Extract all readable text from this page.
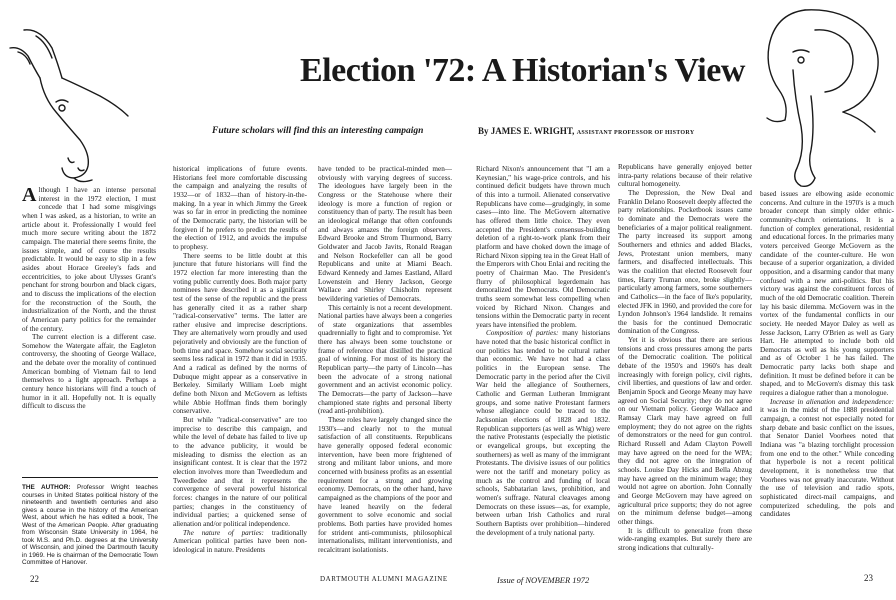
Election '72: A Historian's View
Future scholars will find this an interesting campaign	By JAMES E. WRIGHT, ASSISTANT PROFESSOR OF HISTORY

Although I have an intense personal interest in the 1972 election, I must concede that I had some misgivings when I was asked, as a historian, to write an article about it. Professionally I would feel much more secure writing about the 1872 campaign. The material there seems finite, the issues simple, and of course the results predictable. It would be easy to slip in a few asides about Horace Greeley's fads and eccentricities, to joke about Ulysses Grant's penchant for strong bourbon and black cigars, and to discuss the implications of the election for the reconstruction of the South, the industrialization of the North, and the thrust of American party politics for the remainder of the century.

The current election is a different case. Somehow the Watergate affair, the Eagleton controversy, the shooting of George Wallace, and the debate over the morality of continued American bombing of Vietnam fail to lend themselves to a light approach. Perhaps a century hence historians will find a touch of humor in it all. Hopefully not. It is equally difficult to discuss the

THE AUTHOR: Professor Wright teaches courses in United States political history of the nineteenth and twentieth centuries and also gives a course in the history of the American West, about which he has edited a book, The West of the American People. After graduating from Wisconsin State University in 1964, he took M.S. and Ph.D. degrees at the University of Wisconsin, and joined the Dartmouth faculty in 1969. He is chairman of the Democratic Town Committee of Hanover.

historical implications of future events. Historians feel more comfortable discussing the campaign and analyzing the results of 1932—or of 1832—than of history-in-the-making. In a year in which Jimmy the Greek was so far in error in predicting the nominee of the Democratic party, the historian will be forgiven if he prefers to predict the results of the election of 1912, and avoids the impulse to prophesy.

There seems to be little doubt at this juncture that future historians will find the 1972 election far more interesting than the voting public currently does. Both major party nominees have described it as a significant test of the sense of the republic and the press has generally cited it as a rather sharp "radical-conservative" terms. The latter are rather elusive and imprecise descriptions. They are alternatively worn proudly and used pejoratively and obviously are the function of both time and space. Somehow social security seems less radical in 1972 than it did in 1935. And a radical as defined by the norms of Dubuque might appear as a conservative in Berkeley. Similarly William Loeb might define both Nixon and McGovern as leftists while Abbie Hoffman finds them boringly conservative.

But while "radical-conservative" are too imprecise to describe this campaign, and while the level of debate has failed to live up to the advance publicity, it would be misleading to dismiss the election as an insignificant contest. It is clear that the 1972 election involves more than Tweedledum and Tweedledee and that it represents the convergence of several powerful historical forces: changes in the nature of our political parties; changes in the constituency of individual parties; a quickened sense of alienation and/or political independence.

The nature of parties: traditionally American political parties have been non-ideological in nature. Presidents

have tended to be practical-minded men—obviously with varying degrees of success. The ideologues have largely been in the Congress or the Statehouse where their ideology is more a function of region or constituency than of party. The result has been an ideological mélange that often confounds and always amazes the foreign observers. Edward Brooke and Strom Thurmond, Barry Goldwater and Jacob Javits, Ronald Reagan and Nelson Rockefeller can all be good Republicans and unite at Miami Beach. Edward Kennedy and James Eastland, Allard Lowenstein and Henry Jackson, George Wallace and Shirley Chisholm represent bewildering varieties of Democrats.

This certainly is not a recent development. National parties have always been a congeries of state organizations that assembles quadrennially to fight and to compromise. Yet there has always been some touchstone or frame of reference that distilled the practical goal of winning. For most of its history the Republican party—the party of Lincoln—has been the advocate of a strong national government and an activist economic policy. The Democrats—the party of Jackson—have championed state rights and personal liberty (read anti-prohibition).

These roles have largely changed since the 1930's—and clearly not to the mutual satisfaction of all constituents. Republicans have generally opposed federal economic intervention, have been more frightened of strong and militant labor unions, and more concerned with business profits as an essential requirement for a strong and growing economy. Democrats, on the other hand, have campaigned as the champions of the poor and have leaned heavily on the federal government to solve economic and social problems. Both parties have provided homes for strident anti-communists, philosophical internationalists, militant interventionists, and recalcitrant isolationists.

Richard Nixon's announcement that "I am a Keynesian," his wage-price controls, and his continued deficit budgets have thrown much of this into a turmoil. Alienated conservative Republicans have come—grudgingly, in some cases—into line. The McGovern alternative has offered them little choice. They even accepted the President's consensus-building deletion of a right-to-work plank from their platform and have choked down the image of Richard Nixon sipping tea in the Great Hall of the Emperors with Chou Enlai and reciting the poetry of Chairman Mao. The President's flurry of philosophical legerdemain has demoralized the Democrats. Old Democratic truths seem somewhat less compelling when voiced by Richard Nixon. Changes and tensions within the Democratic party in recent years have intensified the problem.

Composition of parties: many historians have noted that the basic historical conflict in our politics has tended to be cultural rather than economic. We have not had a class politics in the European sense. The Democratic party in the period after the Civil War held the allegiance of Southerners, Catholic and German Lutheran Immigrant groups, and some native Protestant farmers whose allegiance could be traced to the Jacksonian elections of 1828 and 1832. Republican supporters (as well as Whig) were the native Protestants (especially the pietistic or evangelical groups, but excepting the southerners) as well as many of the immigrant Protestants. The divisive issues of our politics were not the tariff and monetary policy as much as the control and funding of local schools, Sabbatarian laws, prohibition, and women's suffrage. Natural cleavages among Democrats on these issues—as, for example, between urban Irish Catholics and rural Southern Baptists over prohibition—hindered the development of a truly national party.

Republicans have generally enjoyed better intra-party relations because of their relative cultural homogeneity.

The Depression, the New Deal and Franklin Delano Roosevelt deeply affected the party relationships. Pocketbook issues came to dominate and the Democrats were the beneficiaries of a major political realignment. The party increased its support among Southerners and ethnics and added Blacks, Jews, Protestant union members, many farmers, and disaffected intellectuals. This was the coalition that elected Roosevelt four times, Harry Truman once, broke slightly—particularly among farmers, some southerners and Catholics—in the face of Ike's popularity, elected JFK in 1960, and provided the core for Lyndon Johnson's 1964 landslide. It remains the basis for the continued Democratic domination of the Congress.

Yet it is obvious that there are serious tensions and cross pressures among the parts of the Democratic coalition. The political debate of the 1950's and 1960's has dealt increasingly with foreign policy, civil rights, civil liberties, and questions of law and order. Benjamin Spock and George Meany may have agreed on Social Security; they do not agree on our Vietnam policy. George Wallace and Ramsay Clark may have agreed on full employment; they do not agree on the rights of demonstrators or the need for gun control. Richard Russell and Adam Clayton Powell may have agreed on the need for the WPA; they did not agree on the integration of schools. Louise Day Hicks and Bella Abzug may have agreed on the minimum wage; they would not agree on abortion. John Connally and George McGovern may have agreed on agricultural price supports; they do not agree on the minimum defense budget—among other things.

It is difficult to generalize from these wide-ranging examples. But surely there are strong indications that culturally-

based issues are elbowing aside economic concerns. And culture in the 1970's is a much broader concept than simply older ethnic-community-church orientations. It is a function of complex generational, residential and educational forces. In the primaries many voters perceived George McGovern as the candidate of the counter-culture. He won because of a superior organization, a divided opposition, and a disarming candor that many confused with a new anti-politics. But his victory was against the constituent forces of much of the old Democratic coalition. Therein lay his basic dilemma. McGovern was in the vortex of the fundamental conflicts in our society. He needed Mayor Daley as well as Jesse Jackson, Larry O'Brien as well as Gary Hart. He attempted to include both old Democrats as well as his young supporters and as of October 1 he has failed. The Democratic party lacks both shape and definition. It must be defined before it can be shaped, and to McGovern's dismay this task requires a dialogue rather than a monologue.

Increase in alienation and independence: it was in the midst of the 1888 presidential campaign, a contest not especially noted for sharp debate and basic conflict on the issues, that Senator Daniel Voorhees noted that Indiana was "a blazing torchlight procession from one end to the other." While conceding that hyperbole is not a recent political development, it is nonetheless true that Voorhees was not greatly inaccurate. Without the use of television and radio spots, sophisticated direct-mail campaigns, and computerized scheduling, the pols and candidates

22	DARTMOUTH ALUMNI MAGAZINE	Issue of NOVEMBER 1972	23
